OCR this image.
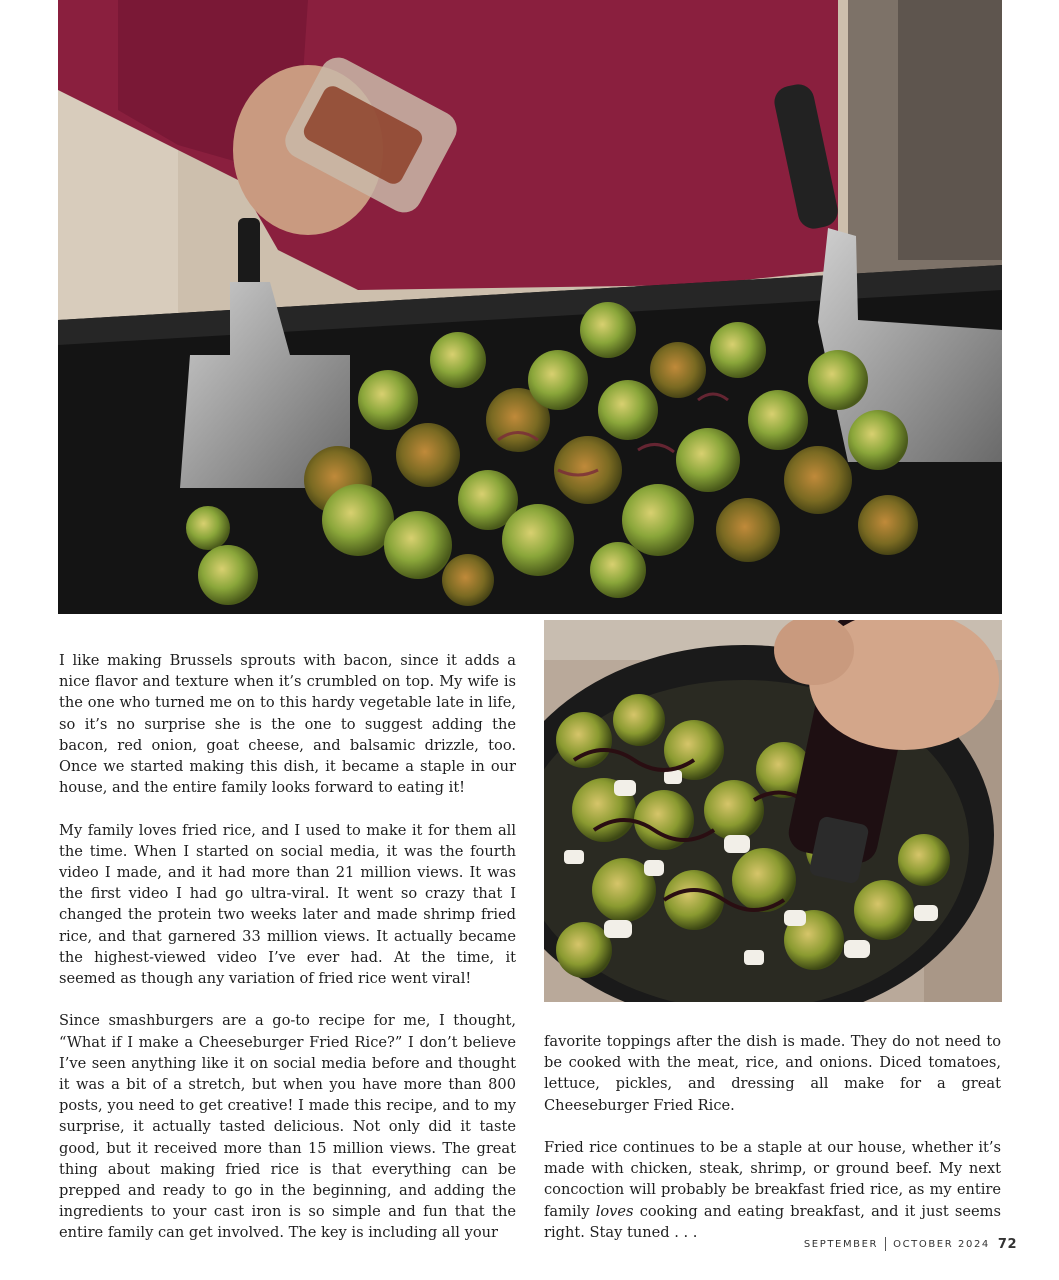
I like making Brussels sprouts with bacon, since it adds a nice flavor and texture when it’s crumbled on top. My wife is the one who turned me on to this hardy vegetable late in life, so it’s no surprise she is the one to suggest adding the bacon, red onion, goat cheese, and balsamic drizzle, too. Once we started making this dish, it became a staple in our house, and the entire family looks forward to eating it!

My family loves fried rice, and I used to make it for them all the time. When I started on social media, it was the fourth video I made, and it had more than 21 million views. It was the first video I had go ultra-viral. It went so crazy that I changed the protein two weeks later and made shrimp fried rice, and that garnered 33 million views. It actually became the highest-viewed video I’ve ever had. At the time, it seemed as though any variation of fried rice went viral!

Since smashburgers are a go-to recipe for me, I thought, “What if I make a Cheeseburger Fried Rice?” I don’t believe I’ve seen anything like it on social media before and thought it was a bit of a stretch, but when you have more than 800 posts, you need to get creative! I made this recipe, and to my surprise, it actually tasted delicious. Not only did it taste good, but it received more than 15 million views. The great thing about making fried rice is that everything can be prepped and ready to go in the beginning, and adding the ingredients to your cast iron is so simple and fun that the entire family can get involved. The key is including all your

favorite toppings after the dish is made. They do not need to be cooked with the meat, rice, and onions. Diced tomatoes, lettuce, pickles, and dressing all make for a great Cheeseburger Fried Rice.

Fried rice continues to be a staple at our house, whether it’s made with chicken, steak, shrimp, or ground beef. My next concoction will probably be breakfast fried rice, as my entire family loves cooking and eating breakfast, and it just seems right. Stay tuned . . .

SEPTEMBER OCTOBER 2024 72
